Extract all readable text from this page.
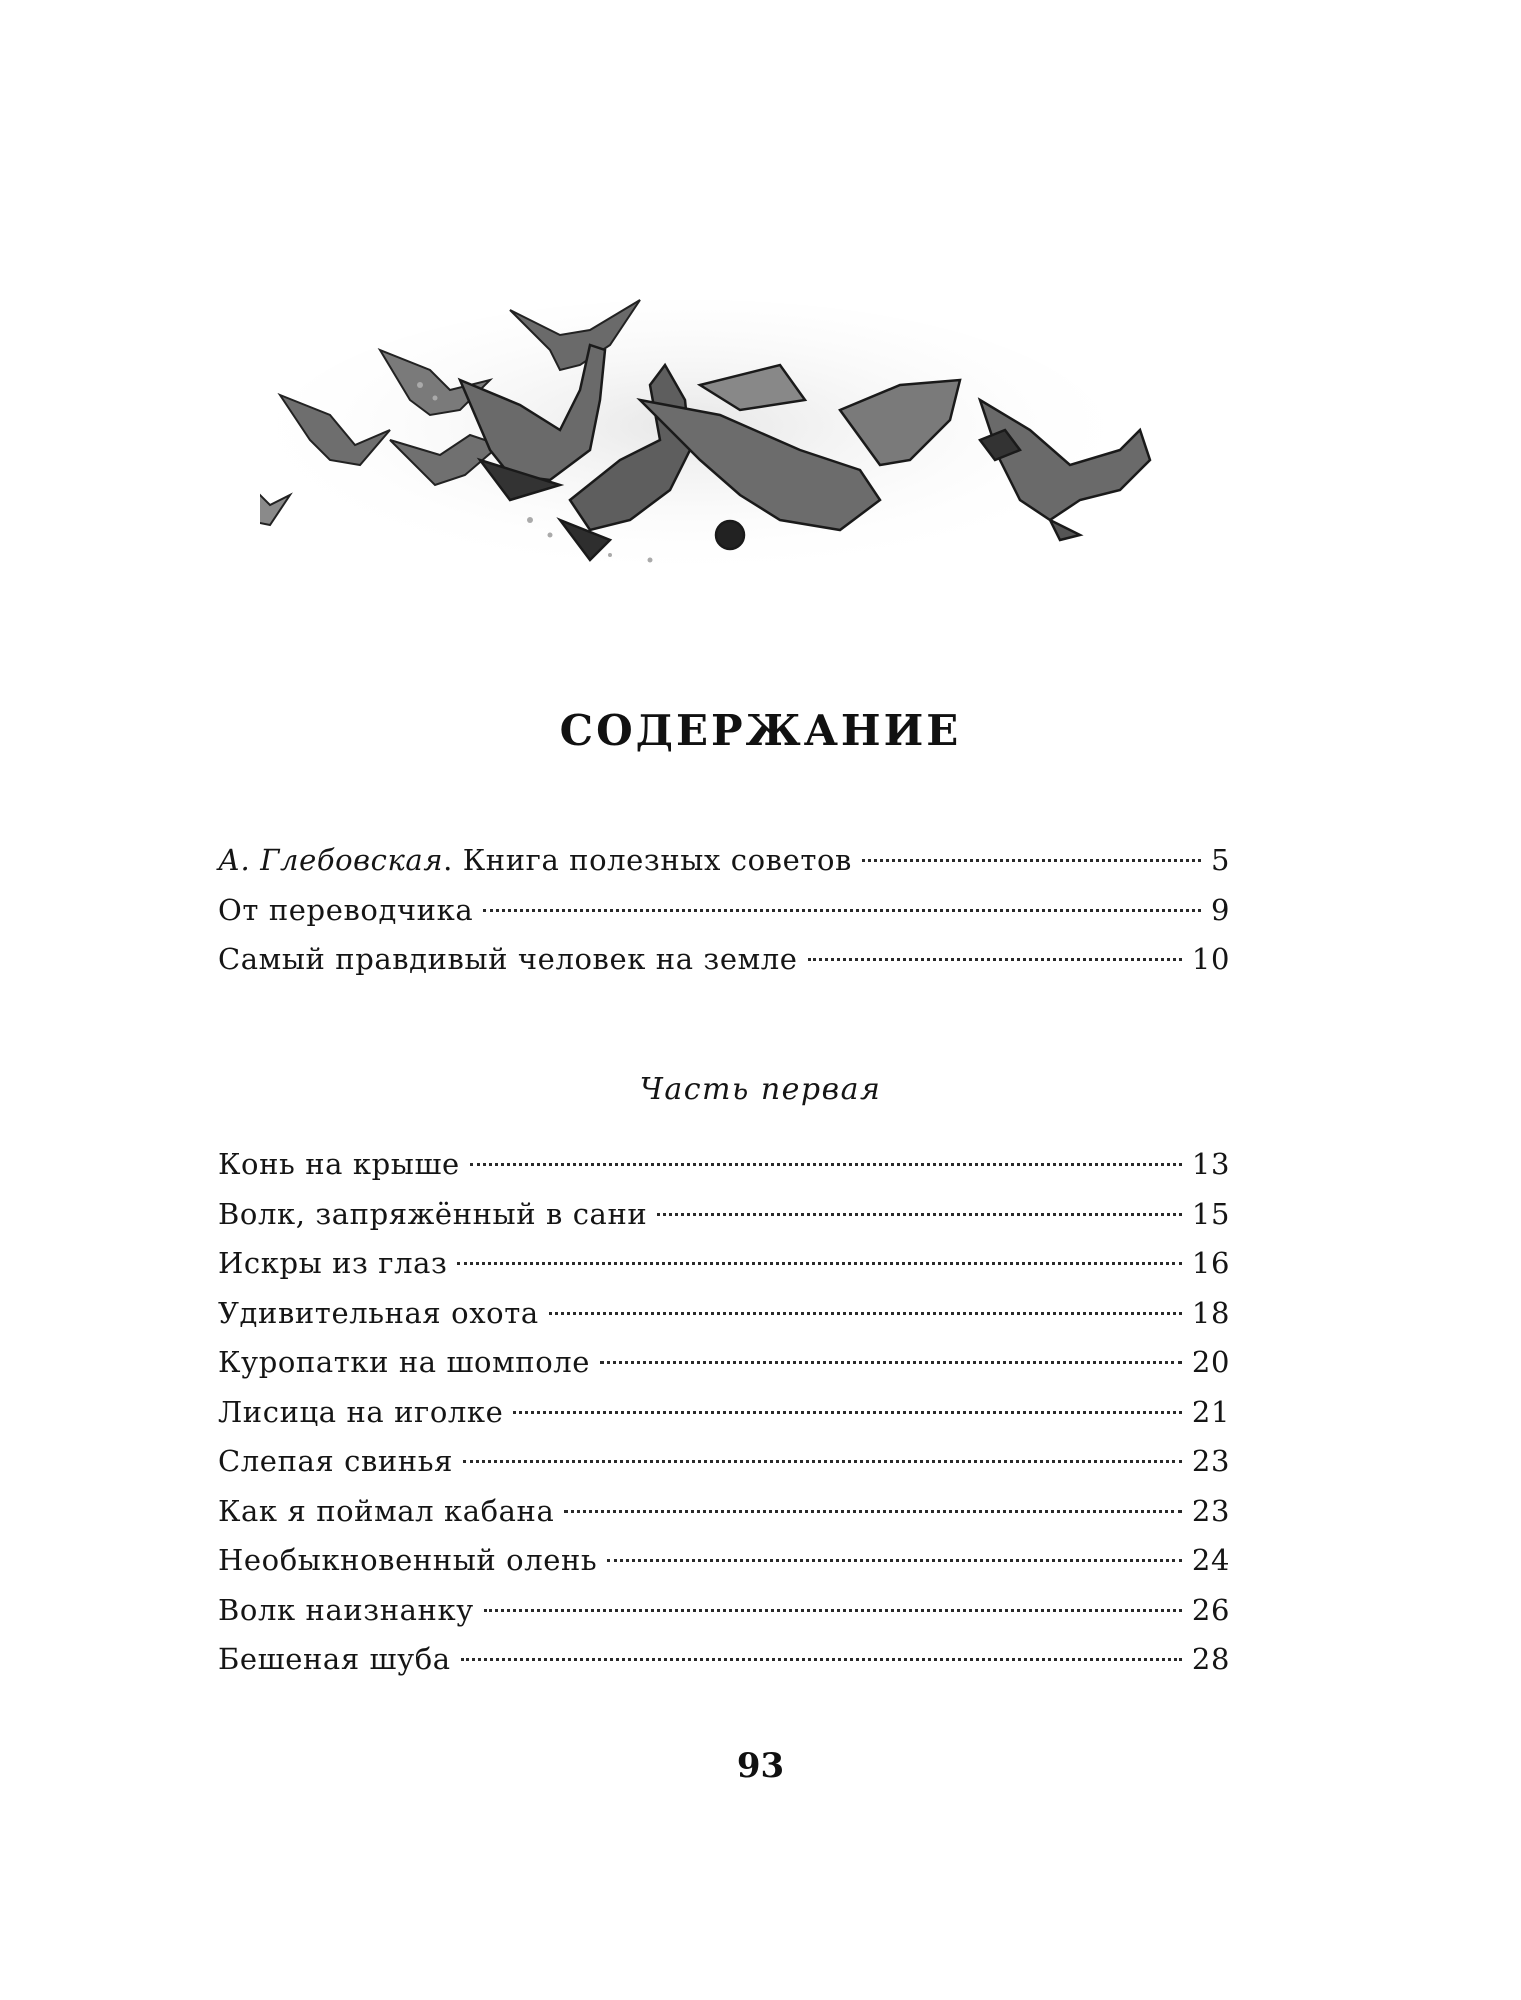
СОДЕРЖАНИЕ
А. Глебовская. Книга полезных советов	5
От переводчика	9
Самый правдивый человек на земле	10
Часть первая
Конь на крыше	13
Волк, запряжённый в сани	15
Искры из глаз	16
Удивительная охота	18
Куропатки на шомполе	20
Лисица на иголке	21
Слепая свинья	23
Как я поймал кабана	23
Необыкновенный олень	24
Волк наизнанку	26
Бешеная шуба	28
93
